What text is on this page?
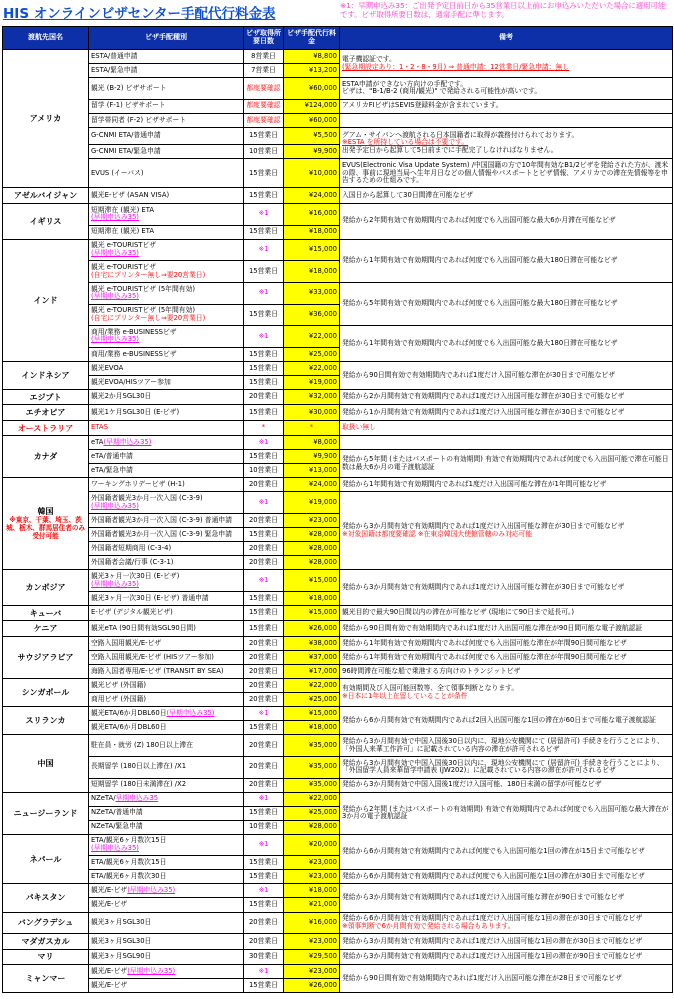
HIS オンラインビザセンター手配代行料金表
※1：早期申込み35：ご出発予定日前日から35営業日以上前にお申込みいただいた場合に適用可能です。ビザ取得所要日数は、通常手配に準じます。
渡航先国名	ビザ手配種別	ビザ取得所要日数	ビザ手配代行料金	備考
アメリカ	ESTA/普通申請	8営業日	¥8,800	電子機認証です。
(緊急期設定あり：1・2・8・9月) ⇒ 普通申請：12営業日/緊急申請：無し

	ESTA/緊急申請	7営業日	¥13,200	
	観光 (B-2) ビザサポート	都度要確認	¥60,000	ESTA申請ができない方向けの手配です。
ビザは、"B-1/B-2 (商用/観光)" で発給される可能性が高いです。

	留学 (F-1) ビザサポート	都度要確認	¥124,000	アメリカFIビザはSEVIS登録料金が含まれています。

	留学帯同者 (F-2) ビザサポート	都度要確認	¥60,000	
	G-CNMI ETA/普通申請	15営業日	¥5,500	グアム・サイパンへ渡航される日本国籍者に取得が義務付けられております。
※ESTA を所持している場合は不要です。
出発予定日から起算して5日前までに手配完了しなければなりません。

	G-CNMI ETA/緊急申請	10営業日	¥9,900	
	EVUS (イーバス)	15営業日	¥10,000	EVUS(Electronic Visa Update System) /中国国籍の方で10年間有効なB1/2ビザを発給された方が、渡米の際、事前に現地当局へ生年月日などの個人情報やパスポートとビザ情報、アメリカでの滞在先情報等を申告するための仕組みです。

アゼルバイジャン	観光E-ビザ (ASAN VISA)	15営業日	¥24,000	入国日から起算して30日間滞在可能なビザ

イギリス	短期滞在 (観光) ETA
(早期申込み35)	※1	¥16,000	発給から2年間有効で有効期間内であれば何度でも入出国可能な最大6か月滞在可能なビザ

	短期滞在 (観光) ETA	15営業日	¥18,000	
インド	観光 e-TOURISTビザ
(早期申込み35)	※1	¥15,000	発給から1年間有効で有効期間内であれば何度でも入出国可能な最大180日滞在可能なビザ

	観光 e-TOURISTビザ
(自宅にプリンター無し⇒要20営業日)	15営業日	¥18,000	
	観光 e-TOURISTビザ (5年間有効)
(早期申込み35)	※1	¥33,000	発給から5年間有効で有効期間内であれば何度でも入出国可能な最大180日滞在可能なビザ

	観光 e-TOURISTビザ (5年間有効)
(自宅にプリンター無し⇒要20営業日)	15営業日	¥36,000	
	商用/業務 e-BUSINESSビザ
(早期申込み35)	※1	¥22,000	発給から1年間有効で有効期間内であれば何度でも入出国可能な最大180日滞在可能なビザ

	商用/業務 e-BUSINESSビザ	15営業日	¥25,000	
インドネシア	観光EVOA	15営業日	¥22,000	発給から90日間有効で有効期間内であれば1度だけ入国可能な滞在が30日まで可能なビザ

	観光EVOA/HISツアー参加	15営業日	¥19,000	
エジプト	観光2か月SGL30日	20営業日	¥32,000	発給から2か月間有効で有効期間内であれば1度だけ入出国可能な滞在が30日まで可能なビザ

エチオピア	観光1ケ月SGL30日 (E-ビザ)	15営業日	¥30,000	発給から1か月間有効で有効期間内であれば1度だけ入出国可能な滞在が30日まで可能なビザ

オーストラリア	ETAS	*	*	取扱い無し

カナダ	eTA(早期申込み35)	※1	¥8,000	
	eTA/普通申請	15営業日	¥9,900	発給から5年間 (またはパスポートの有効期間) 有効で有効期間内であれば何度でも入出国可能で滞在可能日数は最大6か月の電子渡航認証

	eTA/緊急申請	10営業日	¥13,000	
韓国
※東京、千葉、埼玉、茨城、栃木、群馬居住者のみ受付可能	ワーキングホリデービザ (H-1)	20営業日	¥24,000	発給から1年間有効で有効期間内であれば1度だけ入出国可能な滞在が1年間可能なビザ

	外国籍者観光3か月一次入国 (C-3-9)
(早期申込み35)	※1	¥19,000	発給から3か月間有効で有効期間内であれば1度だけ入出国可能な滞在が30日まで可能なビザ
※対象国籍は都度要確認 ※在東京韓国大使館管轄のみ対応可能

	外国籍者観光3か月一次入国 (C-3-9) 普通申請	20営業日	¥23,000	
	外国籍者観光3か月一次入国 (C-3-9) 緊急申請	15営業日	¥28,000	
	外国籍者短期商用 (C-3-4)	20営業日	¥28,000	
	外国籍者会議/行事 (C-3-1)	20営業日	¥28,000	
カンボジア	観光3ヶ月一次30日 (E-ビザ)
(早期申込み35)	※1	¥15,000	発給から3か月間有効で有効期間内であれば1度だけ入出国可能な滞在が30日まで可能なビザ

	観光3ヶ月一次30日 (E-ビザ) 普通申請	15営業日	¥18,000	
キューバ	E-ビザ (デジタル観光ビザ)	15営業日	¥15,000	観光目的で最大90日間以内の滞在が可能なビザ (現地にて90日まで延長可。)

ケニア	観光eTA (90日間有効SGL90日間)	15営業日	¥26,000	発給から90日間有効で有効期間内であれば1度だけ入出国可能な滞在が90日間可能な電子渡航認証

サウジアラビア	空路入国用観光/E-ビザ	20営業日	¥38,000	発給から1年間有効で有効期間内であれば何度でも入出国可能な滞在が年間90日間可能なビザ

	空路入国用観光/E-ビザ (HISツアー参加)	20営業日	¥37,000	発給から1年間有効で有効期間内であれば何度でも入出国可能な滞在が年間90日間可能なビザ

	海路入国者専用/E-ビザ (TRANSIT BY SEA)	20営業日	¥17,000	96時間滞在可能な船で乗港する方向けのトランジットビザ

シンガポール	観光ビザ (外国籍)	20営業日	¥22,000	有効期間及び入国可能回数等、全て領事判断となります。
※日本に1年以上在留していることが条件
	商用ビザ (外国籍)	20営業日	¥25,000	
スリランカ	観光ETA/6か月DBL60日(早期申込み35)	※1	¥15,000	発給から6か月間有効で有効期間内であれば2回入出国可能な1回の滞在が60日まで可能な電子渡航認証

	観光ETA/6か月DBL60日	15営業日	¥18,000	
中国	駐在員・就労 (Z) 180日以上滞在	20営業日	¥35,000	発給から3か月間有効で中国入国後30日以内に、現地公安機関にて (居留許可) 手続きを行うことにより、「外国人来華工作許可」に記載されている内容の滞在が許可されるビザ

	長期留学 (180日以上滞在) /X1	20営業日	¥35,000	発給から3か月間有効で中国入国後30日以内に、現地公安機関にて (居留許可) 手続きを行うことにより、「外国留学人員来華留学申請表 (JW202)」に記載されている内容の滞在が許可されるビザ

	短期留学 (180日未満滞在) /X2	20営業日	¥35,000	発給から3か月間有効で中国入国後1度だけ入国可能、180日未満の留学が可能なビザ

ニュージーランド	NZeTA/早期申込み35	※1	¥22,000	発給から2年間 (またはパスポートの有効期間) 有効で有効期間内であれば何度でも入出国可能な最大滞在が3か月の電子渡航認証

	NZeTA/普通申請	15営業日	¥25,000	
	NZeTA/緊急申請	10営業日	¥28,000	
ネパール	ETA/観光6ヶ月数次15日
(早期申込み35)	※1	¥20,000	発給から6か月間有効で有効期間内であれば何度でも入出国可能な1回の滞在が15日まで可能なビザ

	ETA/観光6ヶ月数次15日	15営業日	¥23,000	
	ETA/観光6ヶ月数次30日	15営業日	¥23,000	発給から6か月間有効で有効期間内であれば何度でも入出国可能な1回の滞在が30日まで可能なビザ

パキスタン	観光/E-ビザ(早期申込み35)	※1	¥18,000	発給から3か月間有効で有効期間内であれば1度だけ入出国可能な滞在が90日まで可能なビザ

	観光/E-ビザ	15営業日	¥21,000	
バングラデシュ	観光3ヶ月SGL30日	20営業日	¥16,000	発給から6か月間有効で有効期間内であれば1度だけ入出国可能な1回の滞在が30日まで可能なビザ
※領事判断で6か月間有効で発給される場合もあります。
マダガスカル	観光3ヶ月SGL30日	20営業日	¥23,000	発給から3か月間有効で有効期間内であれば1度だけ入出国可能な1回の滞在が30日まで可能なビザ

マリ	観光3ヶ月SGL90日	30営業日	¥29,500	発給から3か月間有効で有効期間内であれば1度だけ入出国可能な1回の滞在が90日まで可能なビザ

ミャンマー	観光/E-ビザ(早期申込み35)	※1	¥23,000	発給から90日間有効で有効期間内であれば1度だけ入出国可能な滞在が28日まで可能なビザ

	観光/E-ビザ	15営業日	¥26,000	
